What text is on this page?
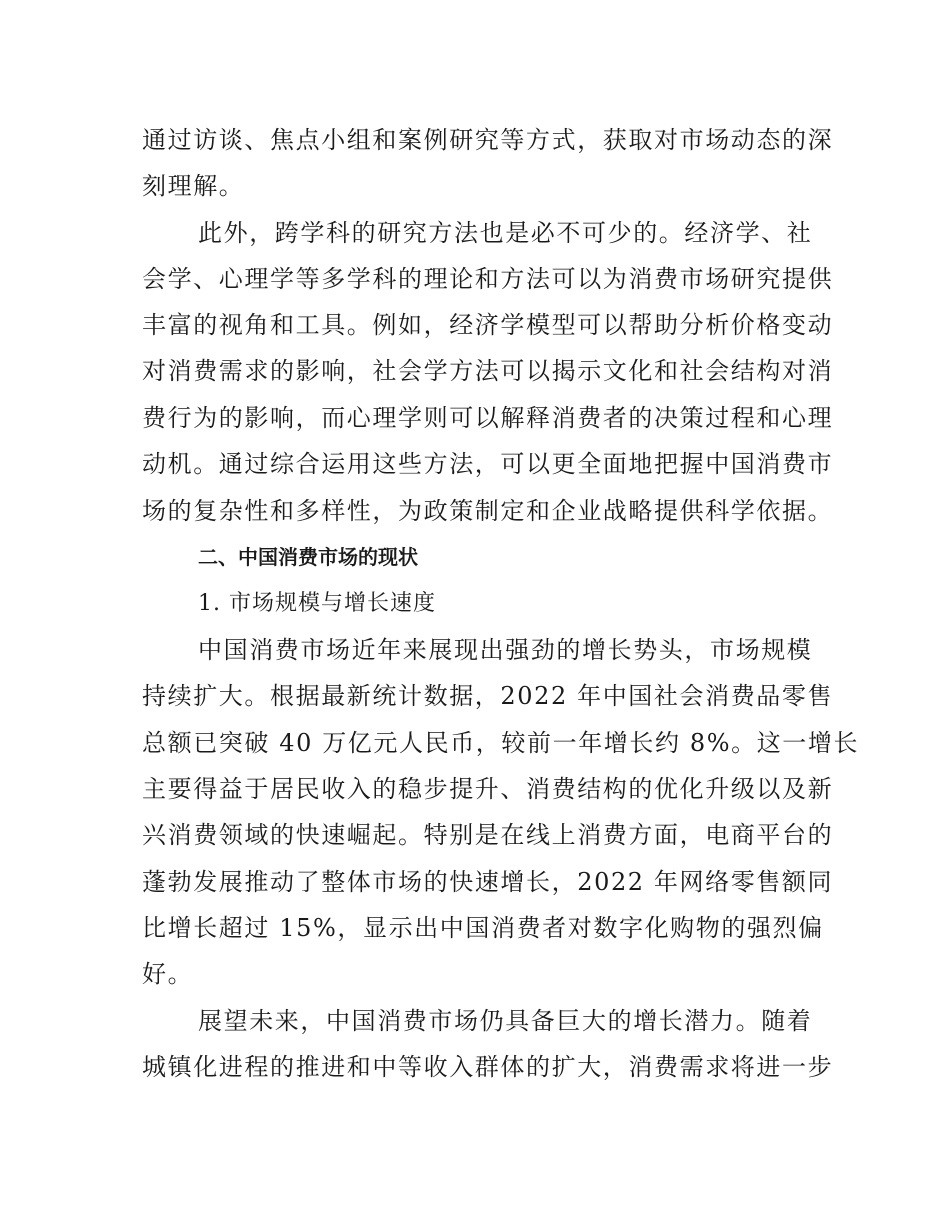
通过访谈、焦点小组和案例研究等方式，获取对市场动态的深
刻理解。
此外，跨学科的研究方法也是必不可少的。经济学、社
会学、心理学等多学科的理论和方法可以为消费市场研究提供
丰富的视角和工具。例如，经济学模型可以帮助分析价格变动
对消费需求的影响，社会学方法可以揭示文化和社会结构对消
费行为的影响，而心理学则可以解释消费者的决策过程和心理
动机。通过综合运用这些方法，可以更全面地把握中国消费市
场的复杂性和多样性，为政策制定和企业战略提供科学依据。
二、中国消费市场的现状
1. 市场规模与增长速度
中国消费市场近年来展现出强劲的增长势头，市场规模
持续扩大。根据最新统计数据，2022 年中国社会消费品零售
总额已突破 40 万亿元人民币，较前一年增长约 8%。这一增长
主要得益于居民收入的稳步提升、消费结构的优化升级以及新
兴消费领域的快速崛起。特别是在线上消费方面，电商平台的
蓬勃发展推动了整体市场的快速增长，2022 年网络零售额同
比增长超过 15%，显示出中国消费者对数字化购物的强烈偏
好。
展望未来，中国消费市场仍具备巨大的增长潜力。随着
城镇化进程的推进和中等收入群体的扩大，消费需求将进一步
